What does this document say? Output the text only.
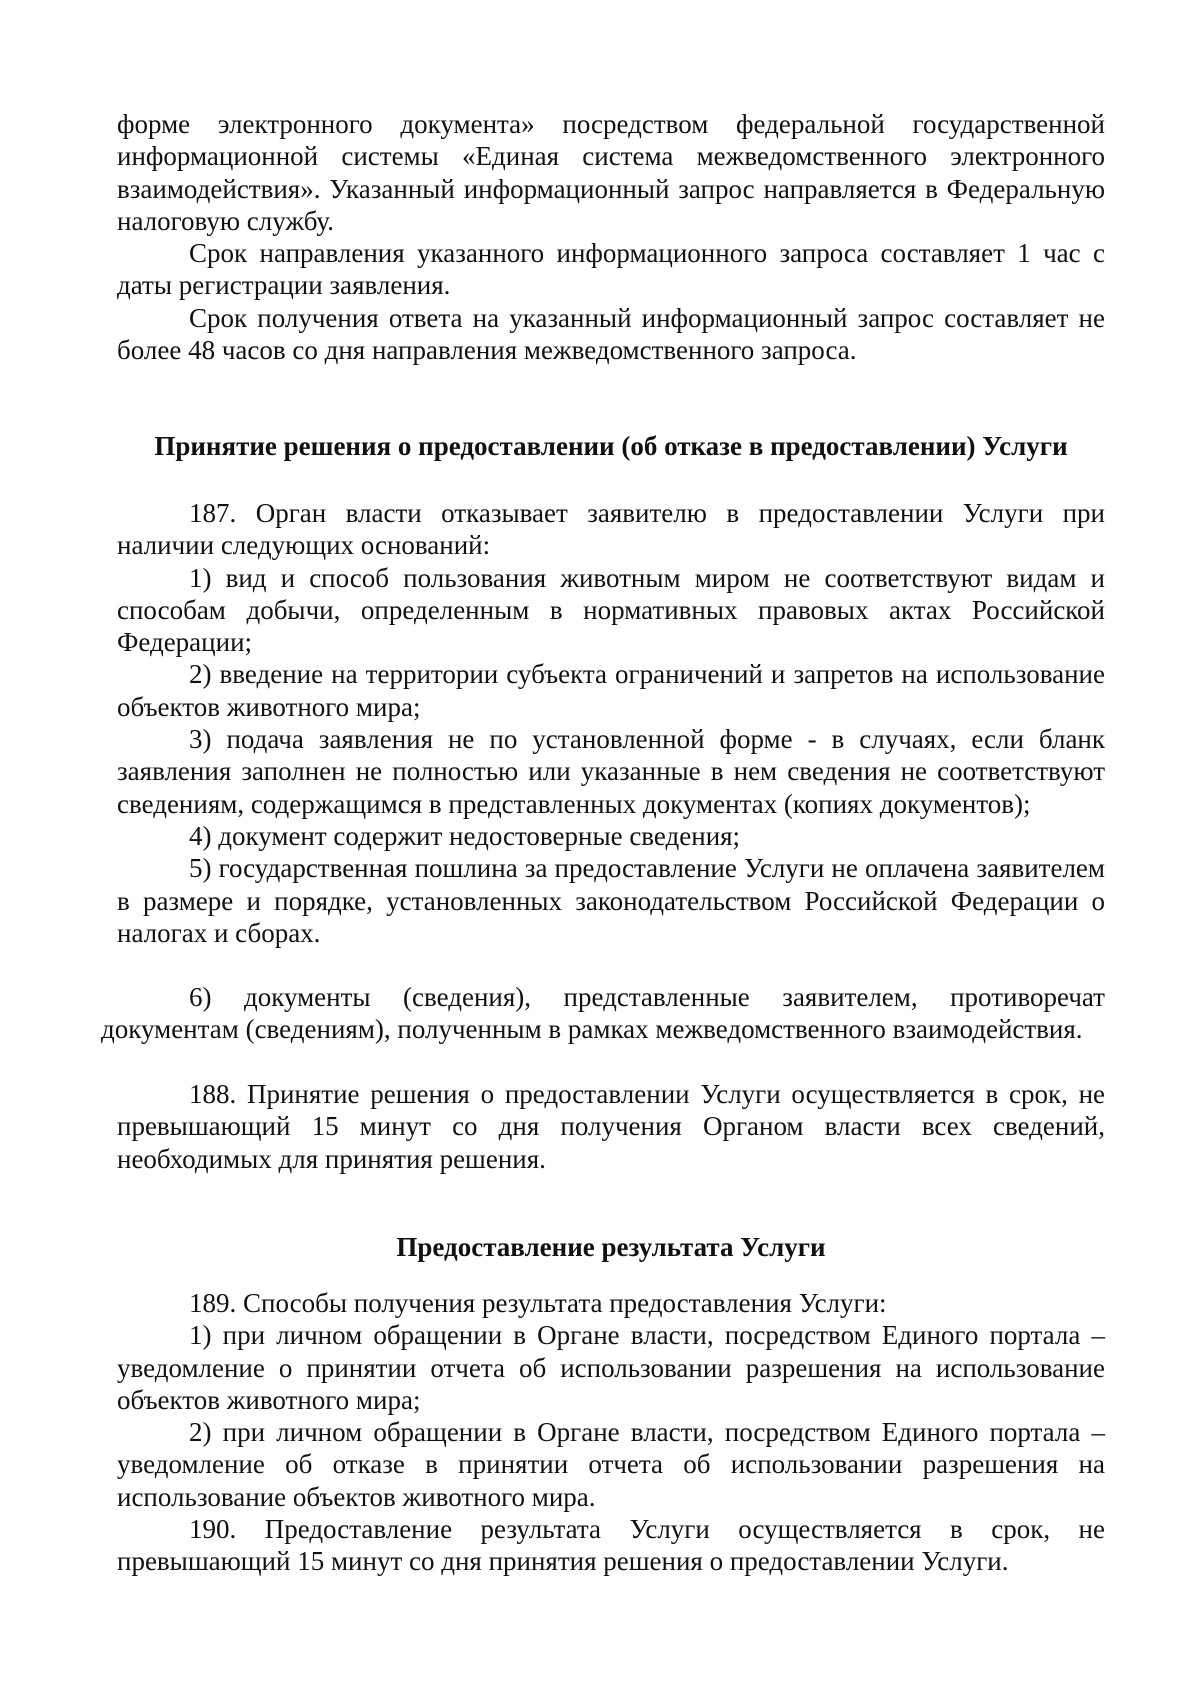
форме электронного документа» посредством федеральной государственной информационной системы «Единая система межведомственного электронного взаимодействия». Указанный информационный запрос направляется в Федеральную налоговую службу.

Срок направления указанного информационного запроса составляет 1 час с даты регистрации заявления.

Срок получения ответа на указанный информационный запрос составляет не более 48 часов со дня направления межведомственного запроса.

Принятие решения о предоставлении (об отказе в предоставлении) Услуги

187. Орган власти отказывает заявителю в предоставлении Услуги при наличии следующих оснований:

1) вид и способ пользования животным миром не соответствуют видам и способам добычи, определенным в нормативных правовых актах Российской Федерации;

2) введение на территории субъекта ограничений и запретов на использование объектов животного мира;

3) подача заявления не по установленной форме - в случаях, если бланк заявления заполнен не полностью или указанные в нем сведения не соответствуют сведениям, содержащимся в представленных документах (копиях документов);

4) документ содержит недостоверные сведения;

5) государственная пошлина за предоставление Услуги не оплачена заявителем в размере и порядке, установленных законодательством Российской Федерации о налогах и сборах.

6) документы (сведения), представленные заявителем, противоречат документам (сведениям), полученным в рамках межведомственного взаимодействия.

188. Принятие решения о предоставлении Услуги осуществляется в срок, не превышающий 15 минут со дня получения Органом власти всех сведений, необходимых для принятия решения.

Предоставление результата Услуги

189. Способы получения результата предоставления Услуги:

1) при личном обращении в Органе власти, посредством Единого портала – уведомление о принятии отчета об использовании разрешения на использование объектов животного мира;

2) при личном обращении в Органе власти, посредством Единого портала – уведомление об отказе в принятии отчета об использовании разрешения на использование объектов животного мира.

190. Предоставление результата Услуги осуществляется в срок, не превышающий 15 минут со дня принятия решения о предоставлении Услуги.
